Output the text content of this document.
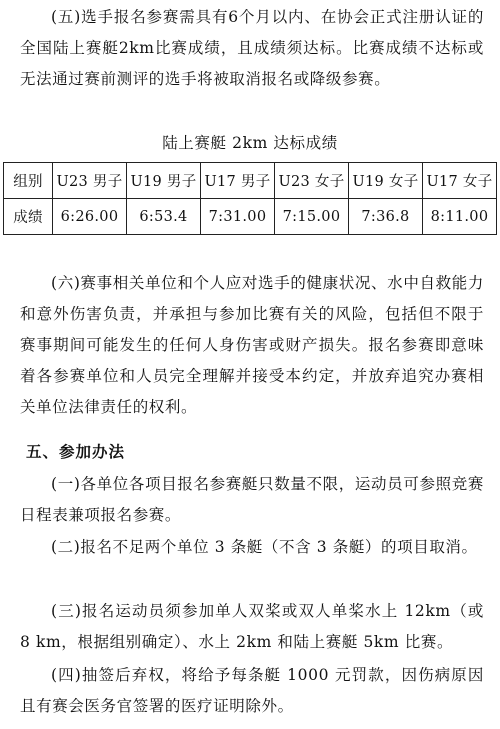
(五)选手报名参赛需具有6个月以内、在协会正式注册认证的全国陆上赛艇2km比赛成绩，且成绩须达标。比赛成绩不达标或无法通过赛前测评的选手将被取消报名或降级参赛。

陆上赛艇 2km 达标成绩

组别	U23 男子	U19 男子	U17 男子	U23 女子	U19 女子	U17 女子
成绩	6:26.00	6:53.4	7:31.00	7:15.00	7:36.8	8:11.00

(六)赛事相关单位和个人应对选手的健康状况、水中自救能力和意外伤害负责，并承担与参加比赛有关的风险，包括但不限于赛事期间可能发生的任何人身伤害或财产损失。报名参赛即意味着各参赛单位和人员完全理解并接受本约定，并放弃追究办赛相关单位法律责任的权利。

五、参加办法

(一)各单位各项目报名参赛艇只数量不限，运动员可参照竞赛日程表兼项报名参赛。

(二)报名不足两个单位 3 条艇（不含 3 条艇）的项目取消。

(三)报名运动员须参加单人双桨或双人单桨水上 12km（或 8 km，根据组别确定）、水上 2km 和陆上赛艇 5km 比赛。

(四)抽签后弃权，将给予每条艇 1000 元罚款，因伤病原因且有赛会医务官签署的医疗证明除外。
